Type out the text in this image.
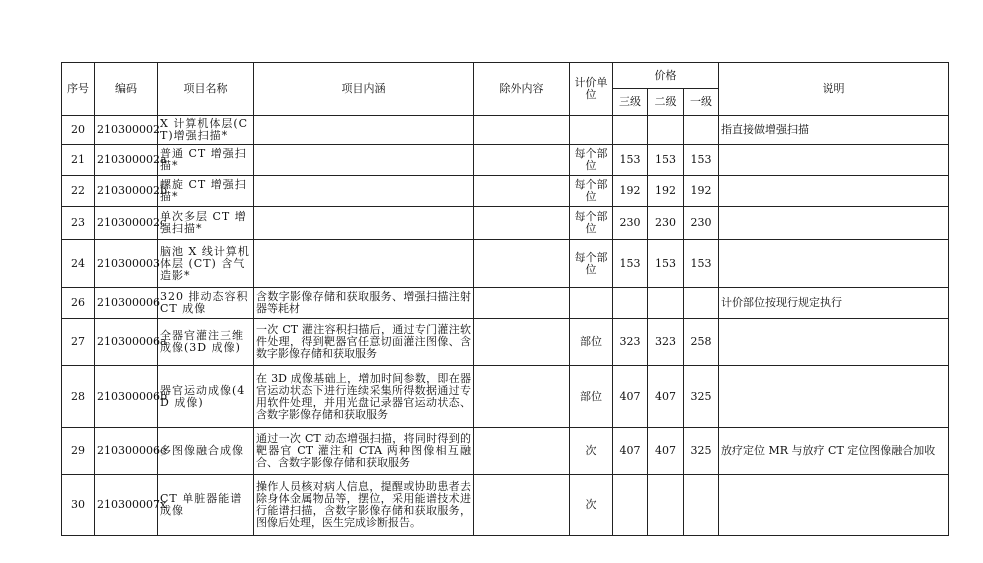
序号	编码	项目名称	项目内涵	除外内容	计价单位	价格			说明
						三级	二级	一级	
20	210300002	X 计算机体层(CT)增强扫描*							指直接做增强扫描
21	210300002a	普通 CT 增强扫描*			每个部位	153	153	153	
22	210300002b	螺旋 CT 增强扫描*			每个部位	192	192	192	
23	210300002c	单次多层 CT 增强扫描*			每个部位	230	230	230	
24	210300003	脑池 X 线计算机体层 (CT) 含气造影*			每个部位	153	153	153	
26	210300006	320 排动态容积 CT 成像	含数字影像存储和获取服务、增强扫描注射器等耗材						计价部位按现行规定执行
27	210300006a	全器官灌注三维成像(3D 成像)	一次 CT 灌注容积扫描后，通过专门灌注软件处理，得到靶器官任意切面灌注图像、含数字影像存储和获取服务		部位	323	323	258	
28	210300006b	器官运动成像(4D 成像)	在 3D 成像基础上，增加时间参数，即在器官运动状态下进行连续采集所得数据通过专用软件处理，并用光盘记录器官运动状态、含数字影像存储和获取服务		部位	407	407	325	
29	210300006c	多图像融合成像	通过一次 CT 动态增强扫描，将同时得到的靶器官 CT 灌注和 CTA 两种图像相互融合、含数字影像存储和获取服务		次	407	407	325	放疗定位 MR 与放疗 CT 定位图像融合加收
30	210300007x	CT 单脏器能谱成像	操作人员核对病人信息，提醒或协助患者去除身体金属物品等，摆位，采用能谱技术进行能谱扫描，含数字影像存储和获取服务，图像后处理，医生完成诊断报告。		次				
